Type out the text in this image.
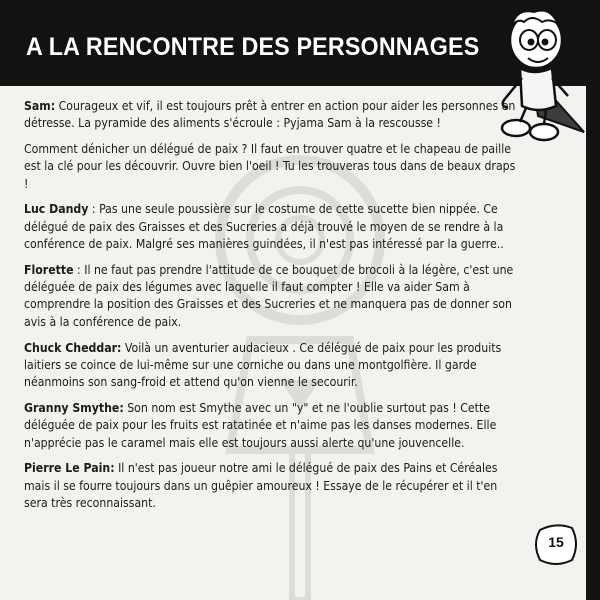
A LA RENCONTRE DES PERSONNAGES

Sam: Courageux et vif, il est toujours prêt à entrer en action pour aider les personnes en détresse. La pyramide des aliments s'écroule : Pyjama Sam à la rescousse !

Comment dénicher un délégué de paix ? Il faut en trouver quatre et le chapeau de paille est la clé pour les découvrir. Ouvre bien l'oeil ! Tu les trouveras tous dans de beaux draps !

Luc Dandy : Pas une seule poussière sur le costume de cette sucette bien nippée. Ce délégué de paix des Graisses et des Sucreries a déjà trouvé le moyen de se rendre à la conférence de paix. Malgré ses manières guindées, il n'est pas intéressé par la guerre..

Florette : Il ne faut pas prendre l'attitude de ce bouquet de brocoli à la légère, c'est une déléguée de paix des légumes avec laquelle il faut compter ! Elle va aider Sam à comprendre la position des Graisses et des Sucreries et ne manquera pas de donner son avis à la conférence de paix.

Chuck Cheddar: Voilà un aventurier audacieux . Ce délégué de paix pour les produits laitiers se coince de lui-même sur une corniche ou dans une montgolfière. Il garde néanmoins son sang-froid et attend qu'on vienne le secourir.

Granny Smythe: Son nom est Smythe avec un "y" et ne l'oublie surtout pas ! Cette déléguée de paix pour les fruits est ratatinée et n'aime pas les danses modernes. Elle n'apprécie pas le caramel mais elle est toujours aussi alerte qu'une jouvencelle.

Pierre Le Pain: Il n'est pas joueur notre ami le délégué de paix des Pains et Céréales mais il se fourre toujours dans un guêpier amoureux ! Essaye de le récupérer et il t'en sera très reconnaissant.

15
